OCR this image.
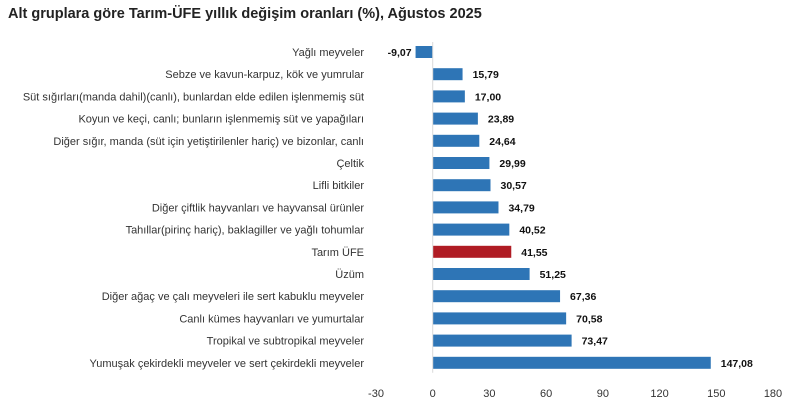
Alt gruplara göre Tarım-ÜFE yıllık değişim oranları (%), Ağustos 2025
Yağlı meyveler -9,07
Sebze ve kavun-karpuz, kök ve yumrular	15,79
Süt sığırları(manda dahil)(canlı), bunlardan elde edilen işlenmemiş süt	17,00
Koyun ve keçi, canlı; bunların işlenmemiş süt ve yapağıları	23,89
Diğer sığır, manda (süt için yetiştirilenler hariç) ve bizonlar, canlı	24,64
Çeltik	29,99
Lifli bitkiler	30,57
Diğer çiftlik hayvanları ve hayvansal ürünler	34,79
Tahıllar(pirinç hariç), baklagiller ve yağlı tohumlar	40,52
Tarım ÜFE	41,55
Üzüm	51,25
Diğer ağaç ve çalı meyveleri ile sert kabuklu meyveler	67,36
Canlı kümes hayvanları ve yumurtalar	70,58
Tropikal ve subtropikal meyveler	73,47
Yumuşak çekirdekli meyveler ve sert çekirdekli meyveler	147,08
-30	0	30	60	90	120	150	180
